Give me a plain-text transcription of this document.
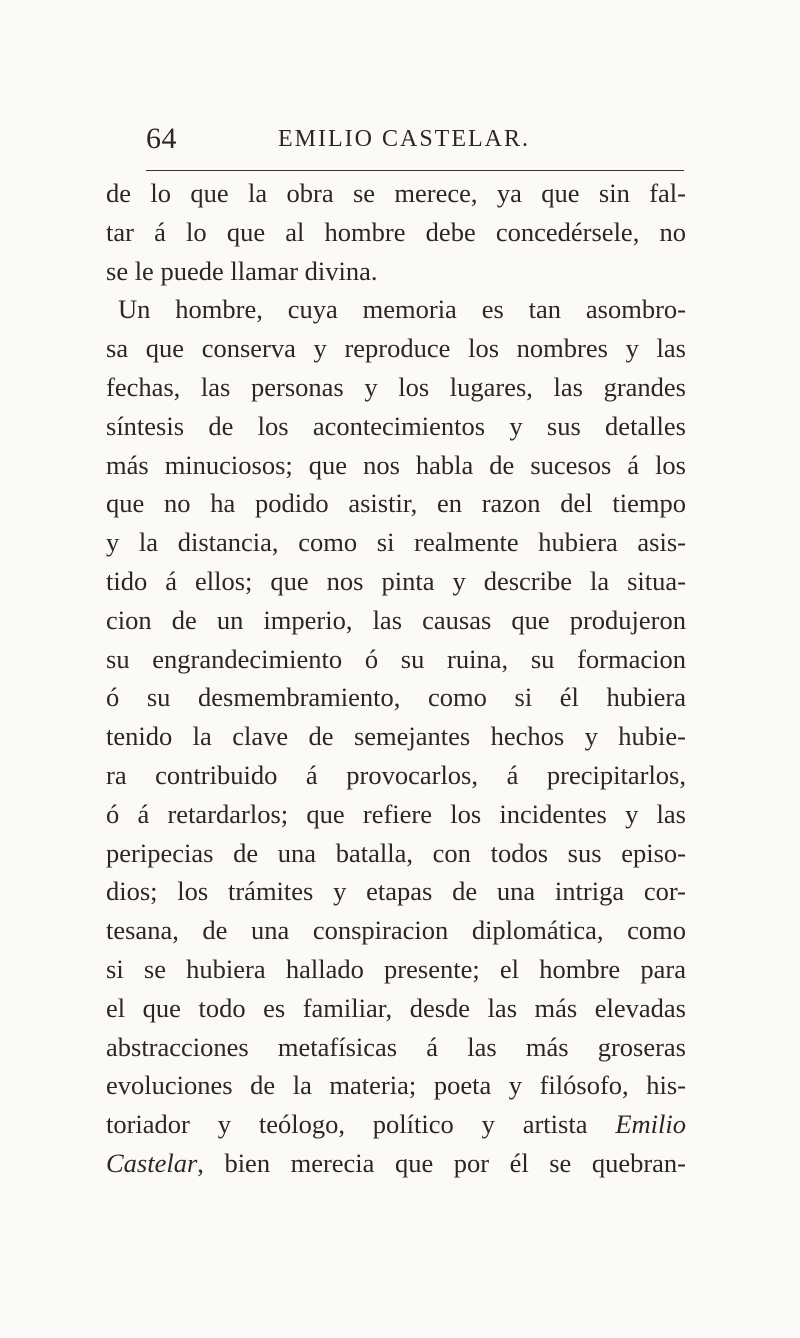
64	EMILIO CASTELAR.
de lo que la obra se merece, ya que sin fal-
tar á lo que al hombre debe concedérsele, no
se le puede llamar divina.
Un hombre, cuya memoria es tan asombro-
sa que conserva y reproduce los nombres y las
fechas, las personas y los lugares, las grandes
síntesis de los acontecimientos y sus detalles
más minuciosos; que nos habla de sucesos á los
que no ha podido asistir, en razon del tiempo
y la distancia, como si realmente hubiera asis-
tido á ellos; que nos pinta y describe la situa-
cion de un imperio, las causas que produjeron
su engrandecimiento ó su ruina, su formacion
ó su desmembramiento, como si él hubiera
tenido la clave de semejantes hechos y hubie-
ra contribuido á provocarlos, á precipitarlos,
ó á retardarlos; que refiere los incidentes y las
peripecias de una batalla, con todos sus episo-
dios; los trámites y etapas de una intriga cor-
tesana, de una conspiracion diplomática, como
si se hubiera hallado presente; el hombre para
el que todo es familiar, desde las más elevadas
abstracciones metafísicas á las más groseras
evoluciones de la materia; poeta y filósofo, his-
toriador y teólogo, político y artista Emilio
Castelar, bien merecia que por él se quebran-
